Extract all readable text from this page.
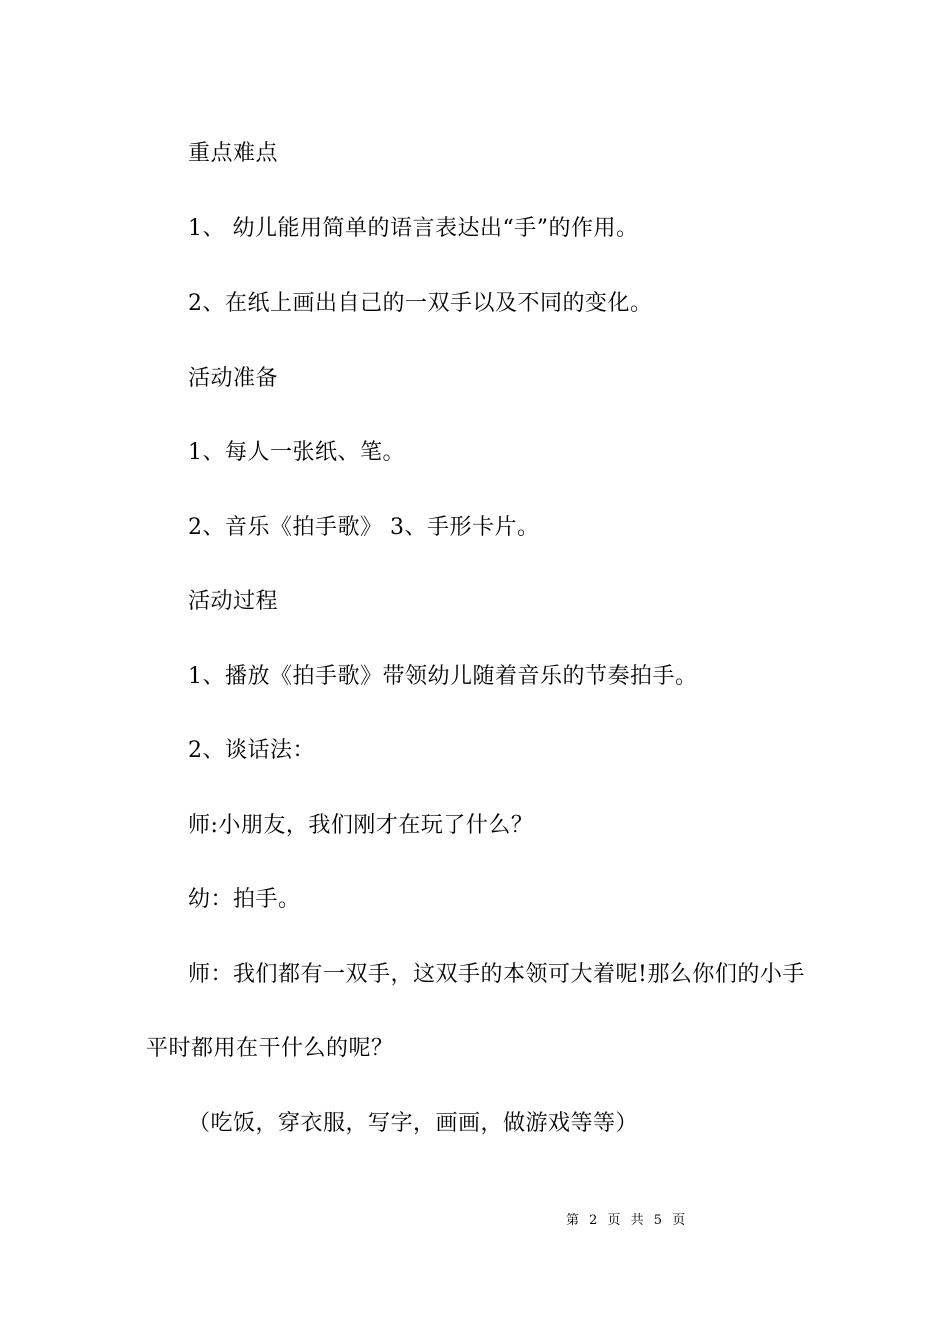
重点难点
1、 幼儿能用简单的语言表达出“手”的作用。
2、在纸上画出自己的一双手以及不同的变化。
活动准备
1、每人一张纸、笔。
2、音乐《拍手歌》 3、手形卡片。
活动过程
1、播放《拍手歌》带领幼儿随着音乐的节奏拍手。
2、谈话法：
师:小朋友，我们刚才在玩了什么？
幼：拍手。
师：我们都有一双手，这双手的本领可大着呢!那么你们的小手
平时都用在干什么的呢？
（吃饭，穿衣服，写字，画画，做游戏等等）
第 2 页 共 5 页
